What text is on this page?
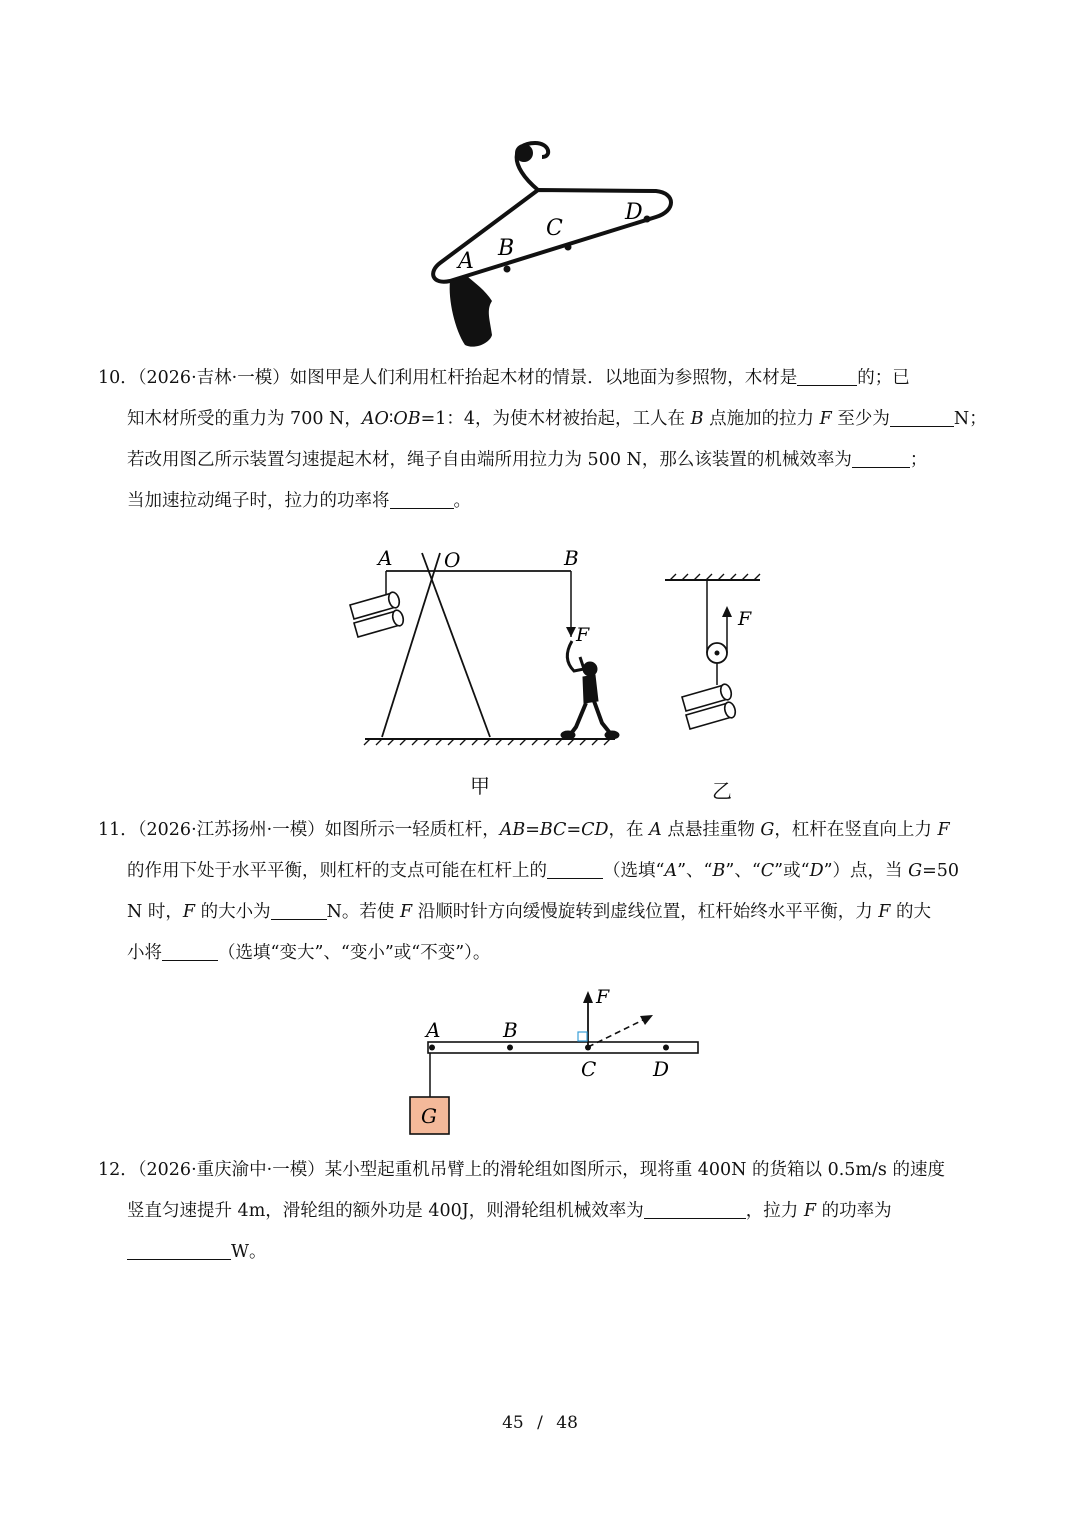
A
B
C
D

10．（2026·吉林·一模）如图甲是人们利用杠杆抬起木材的情景．以地面为参照物，木材是	的；已

知木材所受的重力为 700 N，AO∶OB=1：4，为使木材被抬起，工人在 B 点施加的拉力 F 至少为	N；

若改用图乙所示装置匀速提起木材，绳子自由端所用拉力为 500 N，那么该装置的机械效率为	；

当加速拉动绳子时，拉力的功率将	。

A	O	B
F
F
甲	乙

11．（2026·江苏扬州·一模）如图所示一轻质杠杆，AB=BC=CD，在 A 点悬挂重物 G，杠杆在竖直向上力 F

的作用下处于水平平衡，则杠杆的支点可能在杠杆上的	（选填“A”、“B”、“C”或“D”）点，当 G=50

N 时，F 的大小为	N。若使 F 沿顺时针方向缓慢旋转到虚线位置，杠杆始终水平平衡，力 F 的大

小将	（选填“变大”、“变小”或“不变”）。

F
A	B
C	D
G

12．（2026·重庆渝中·一模）某小型起重机吊臂上的滑轮组如图所示，现将重 400N 的货箱以 0.5m/s 的速度

竖直匀速提升 4m，滑轮组的额外功是 400J，则滑轮组机械效率为	，拉力 F 的功率为

W。

45 / 48
